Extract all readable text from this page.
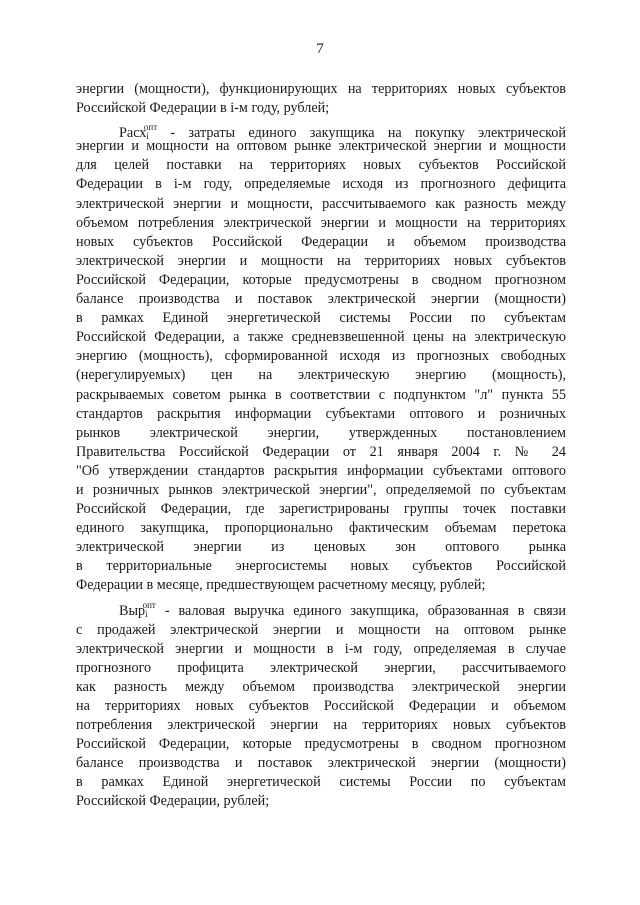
7
энергии (мощности), функционирующих на территориях новых субъектов
Российской Федерации в i-м году, рублей;
Расх$_i^{опт}$ - затраты единого закупщика на покупку электрической
энергии и мощности на оптовом рынке электрической энергии и мощности
для целей поставки на территориях новых субъектов Российской
Федерации в i-м году, определяемые исходя из прогнозного дефицита
электрической энергии и мощности, рассчитываемого как разность между
объемом потребления электрической энергии и мощности на территориях
новых субъектов Российской Федерации и объемом производства
электрической энергии и мощности на территориях новых субъектов
Российской Федерации, которые предусмотрены в сводном прогнозном
балансе производства и поставок электрической энергии (мощности)
в рамках Единой энергетической системы России по субъектам
Российской Федерации, а также средневзвешенной цены на электрическую
энергию (мощность), сформированной исходя из прогнозных свободных
(нерегулируемых) цен на электрическую энергию (мощность),
раскрываемых советом рынка в соответствии с подпунктом "л" пункта 55
стандартов раскрытия информации субъектами оптового и розничных
рынков электрической энергии, утвержденных постановлением
Правительства Российской Федерации от 21 января 2004 г. № 24
"Об утверждении стандартов раскрытия информации субъектами оптового
и розничных рынков электрической энергии", определяемой по субъектам
Российской Федерации, где зарегистрированы группы точек поставки
единого закупщика, пропорционально фактическим объемам перетока
электрической энергии из ценовых зон оптового рынка
в территориальные энергосистемы новых субъектов Российской
Федерации в месяце, предшествующем расчетному месяцу, рублей;
Выр$_i^{опт}$ - валовая выручка единого закупщика, образованная в связи
с продажей электрической энергии и мощности на оптовом рынке
электрической энергии и мощности в i-м году, определяемая в случае
прогнозного профицита электрической энергии, рассчитываемого
как разность между объемом производства электрической энергии
на территориях новых субъектов Российской Федерации и объемом
потребления электрической энергии на территориях новых субъектов
Российской Федерации, которые предусмотрены в сводном прогнозном
балансе производства и поставок электрической энергии (мощности)
в рамках Единой энергетической системы России по субъектам
Российской Федерации, рублей;
